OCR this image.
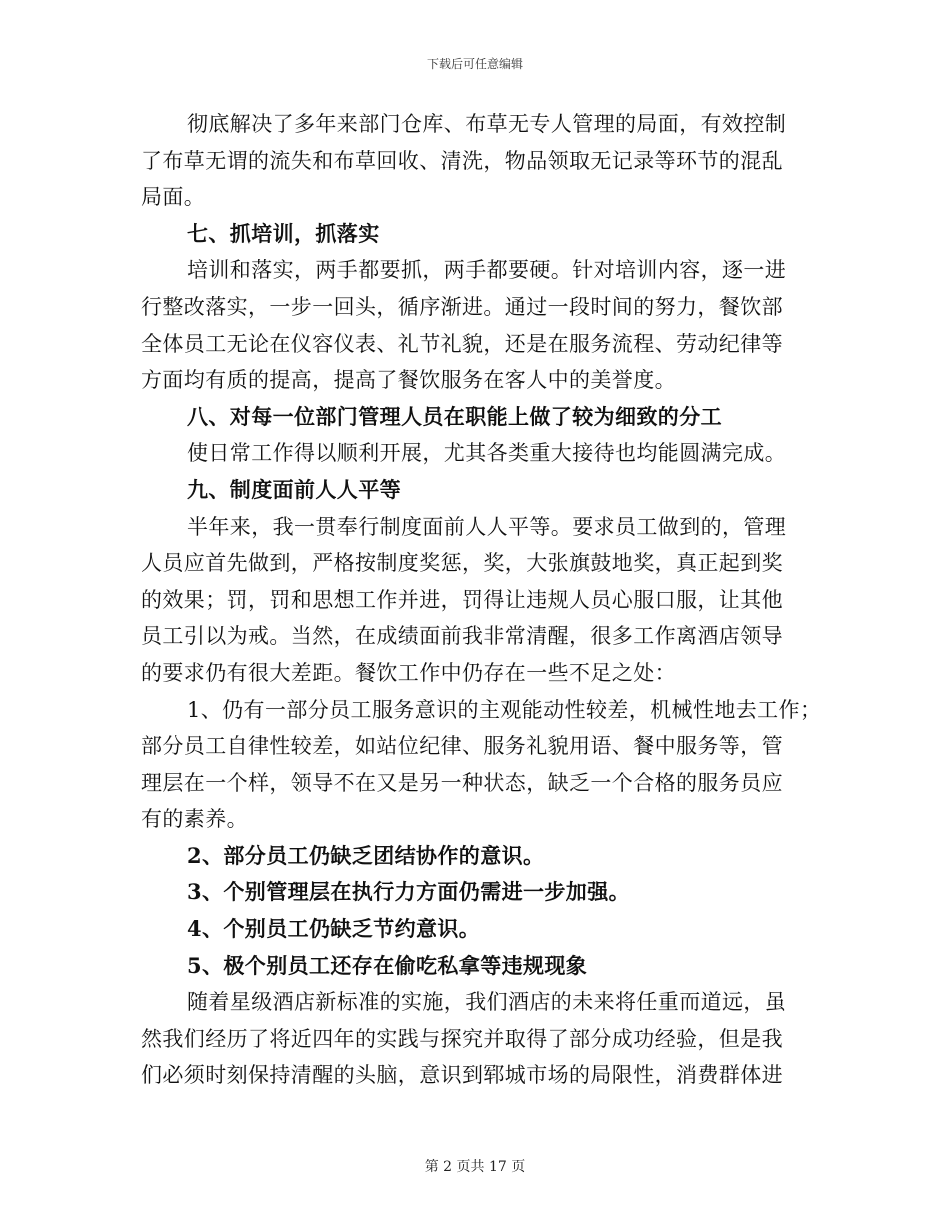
下载后可任意编辑
彻底解决了多年来部门仓库、布草无专人管理的局面，有效控制
了布草无谓的流失和布草回收、清洗，物品领取无记录等环节的混乱
局面。
七、抓培训，抓落实
培训和落实，两手都要抓，两手都要硬。针对培训内容，逐一进
行整改落实，一步一回头，循序渐进。通过一段时间的努力，餐饮部
全体员工无论在仪容仪表、礼节礼貌，还是在服务流程、劳动纪律等
方面均有质的提高，提高了餐饮服务在客人中的美誉度。
八、对每一位部门管理人员在职能上做了较为细致的分工
使日常工作得以顺利开展，尤其各类重大接待也均能圆满完成。
九、制度面前人人平等
半年来，我一贯奉行制度面前人人平等。要求员工做到的，管理
人员应首先做到，严格按制度奖惩，奖，大张旗鼓地奖，真正起到奖
的效果；罚，罚和思想工作并进，罚得让违规人员心服口服，让其他
员工引以为戒。当然，在成绩面前我非常清醒，很多工作离酒店领导
的要求仍有很大差距。餐饮工作中仍存在一些不足之处：
1、仍有一部分员工服务意识的主观能动性较差，机械性地去工作；
部分员工自律性较差，如站位纪律、服务礼貌用语、餐中服务等，管
理层在一个样，领导不在又是另一种状态，缺乏一个合格的服务员应
有的素养。
2、部分员工仍缺乏团结协作的意识。
3、个别管理层在执行力方面仍需进一步加强。
4、个别员工仍缺乏节约意识。
5、极个别员工还存在偷吃私拿等违规现象
随着星级酒店新标准的实施，我们酒店的未来将任重而道远，虽
然我们经历了将近四年的实践与探究并取得了部分成功经验，但是我
们必须时刻保持清醒的头脑，意识到郓城市场的局限性，消费群体进
第 2 页共 17 页
